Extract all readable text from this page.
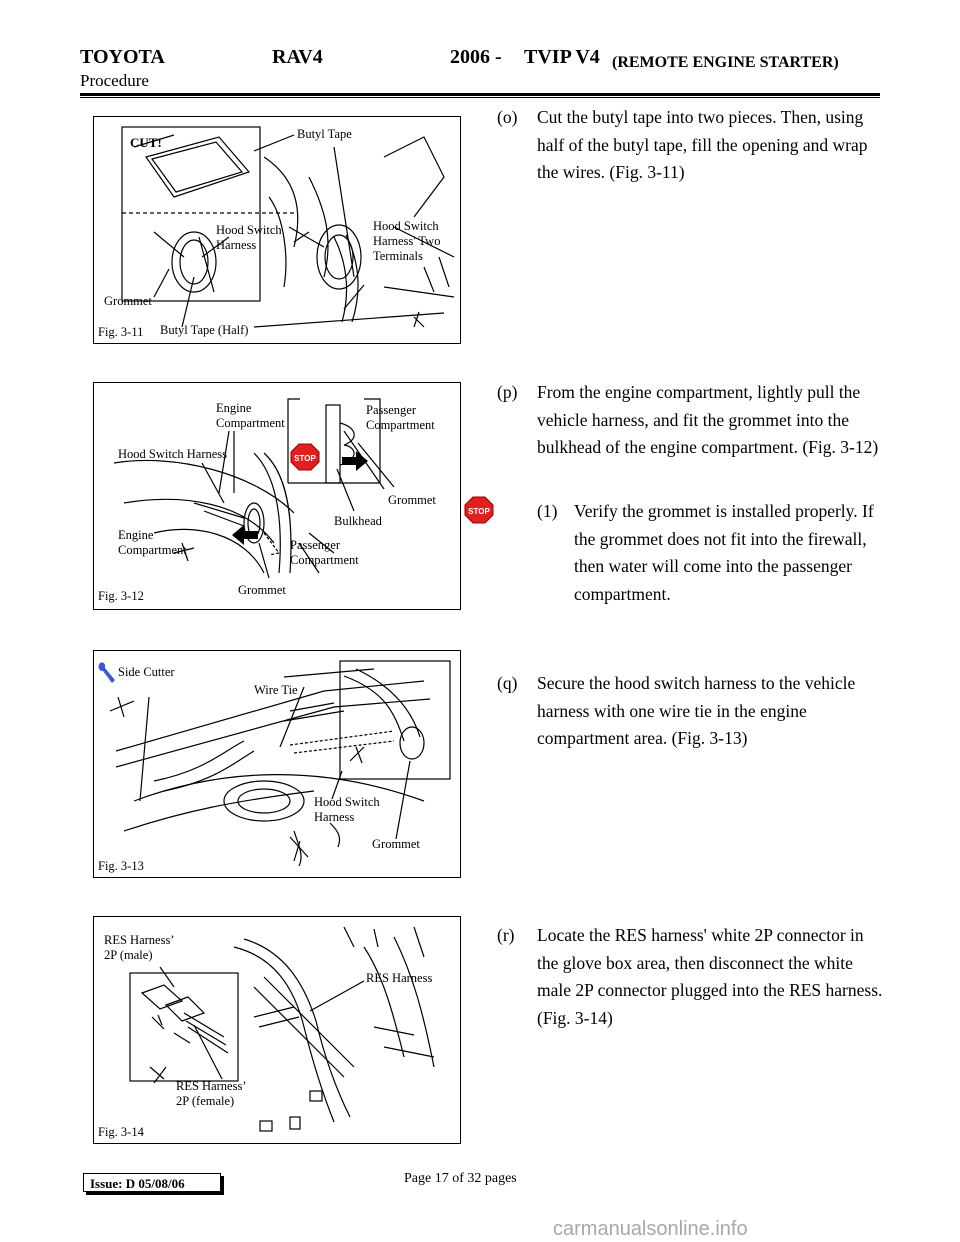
TOYOTA	RAV4	2006 - TVIP V4 (REMOTE ENGINE STARTER)
Procedure
CUT!
Butyl Tape
Hood Switch
Harness
Hood Switch
Harness' Two
Terminals
Grommet
Butyl Tape (Half)
Fig. 3-11
STOP
Engine
Compartment
Passenger
Compartment
Hood Switch Harness
Grommet
Bulkhead
Engine
Compartment	Passenger
Compartment
Grommet
Fig. 3-12
Side Cutter
Wire Tie
Hood Switch
Harness
Grommet
Fig. 3-13
RES Harness’
2P (male)
RES Harness
RES Harness’
2P (female)
Fig. 3-14
(o) Cut the butyl tape into two pieces. Then, using half of the butyl tape, fill the opening and wrap the wires. (Fig. 3-11)
(p) From the engine compartment, lightly pull the vehicle harness, and fit the grommet into the bulkhead of the engine compartment. (Fig. 3-12)
STOP	(1) Verify the grommet is installed properly. If the grommet does not fit into the firewall, then water will come into the passenger compartment.
(q) Secure the hood switch harness to the vehicle harness with one wire tie in the engine compartment area. (Fig. 3-13)
(r) Locate the RES harness' white 2P connector in the glove box area, then disconnect the white male 2P connector plugged into the RES harness. (Fig. 3-14)
Issue: D 05/08/06	Page 17 of 32 pages
carmanualsonline.info
